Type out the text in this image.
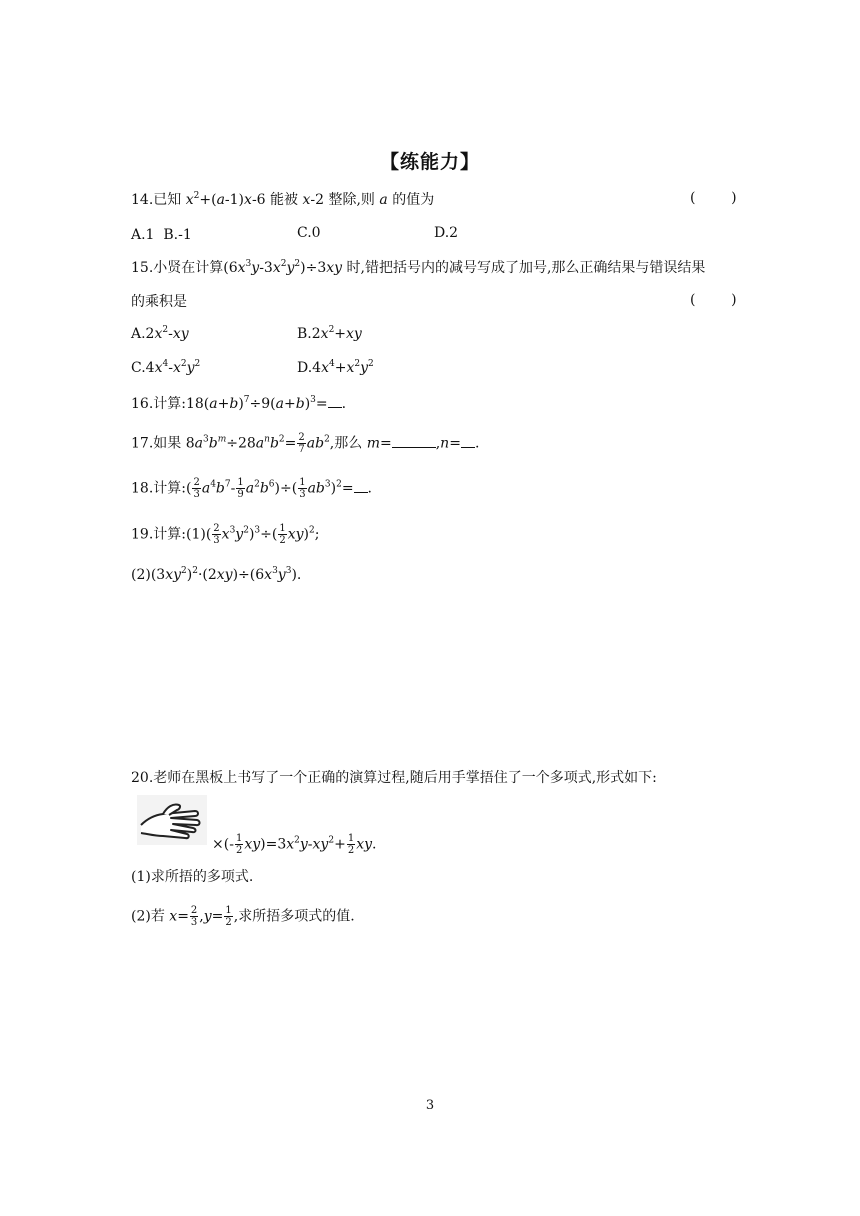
【练能力】
14.已知 $x^2+(a-1)x-6$ 能被 x-2 整除,则 a 的值为	(        )
A.1 B.-1	C.0	D.2
15.小贤在计算$(6x^3y-3x^2y^2)\div 3xy$ 时,错把括号内的减号写成了加号,那么正确结果与错误结果
的乘积是	(        )
$A.2x^2-xy$	$B.2x^2+xy$
$C.4x^4-x^2y^2$	$D.4x^4+x^2y^2$
16.计算$:18(a+b)^7\div 9(a+b)^3=$ .
17.如果 $8a^3b^m\div 28a^nb^2= \frac{2}{7} ab^2$,那么 m=	,n= .
18.计算:( $\frac{2}{3} a^4b^7- \frac{1}{9} a^2b^6)\div( \frac{1}{3} ab^3)^2=$ .
19.计算:(1)( $\frac{2}{3} x^3y^2)^3\div( \frac{1}{2} xy)^2$;
$(2)(3xy^2)^2\cdot(2xy)\div(6x^3y^3)$.
20.老师在黑板上书写了一个正确的演算过程,随后用手掌捂住了一个多项式,形式如下:
×(- $\frac{1}{2} xy)=3x^2y-xy^2+ \frac{1}{2}$ xy.
(1)求所捂的多项式.
(2)若 $x= \frac{2}{3} ,y= \frac{1}{2}$ ,求所捂多项式的值.
3
